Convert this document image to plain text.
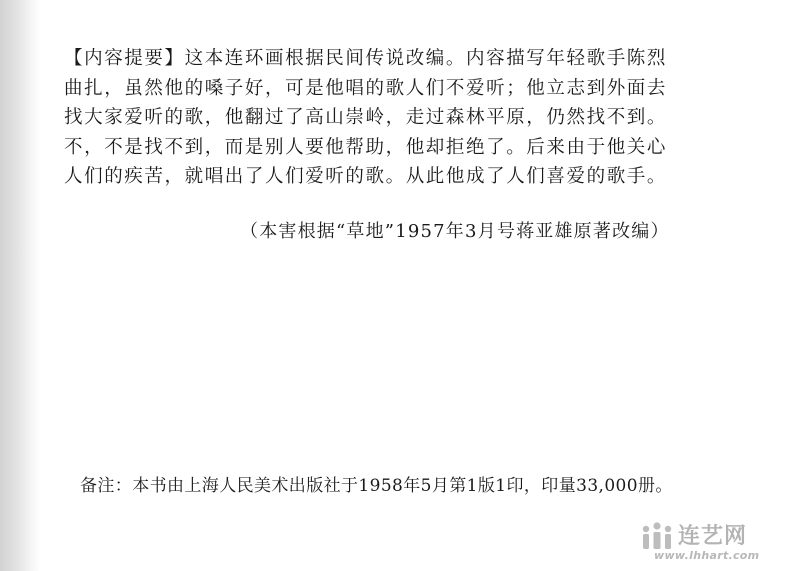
【内容提要】这本连环画根据民间传说改编。内容描写年轻歌手陈烈
曲扎，虽然他的嗓子好，可是他唱的歌人们不爱听；他立志到外面去
找大家爱听的歌，他翻过了高山崇岭，走过森林平原，仍然找不到。
不，不是找不到，而是别人要他帮助，他却拒绝了。后来由于他关心
人们的疾苦，就唱出了人们爱听的歌。从此他成了人们喜爱的歌手。
（本害根据“草地”1957年3月号蒋亚雄原著改编）
备注：本书由上海人民美术出版社于1958年5月第1版1印，印量33,000册。
连艺网
www.lhhart.com
